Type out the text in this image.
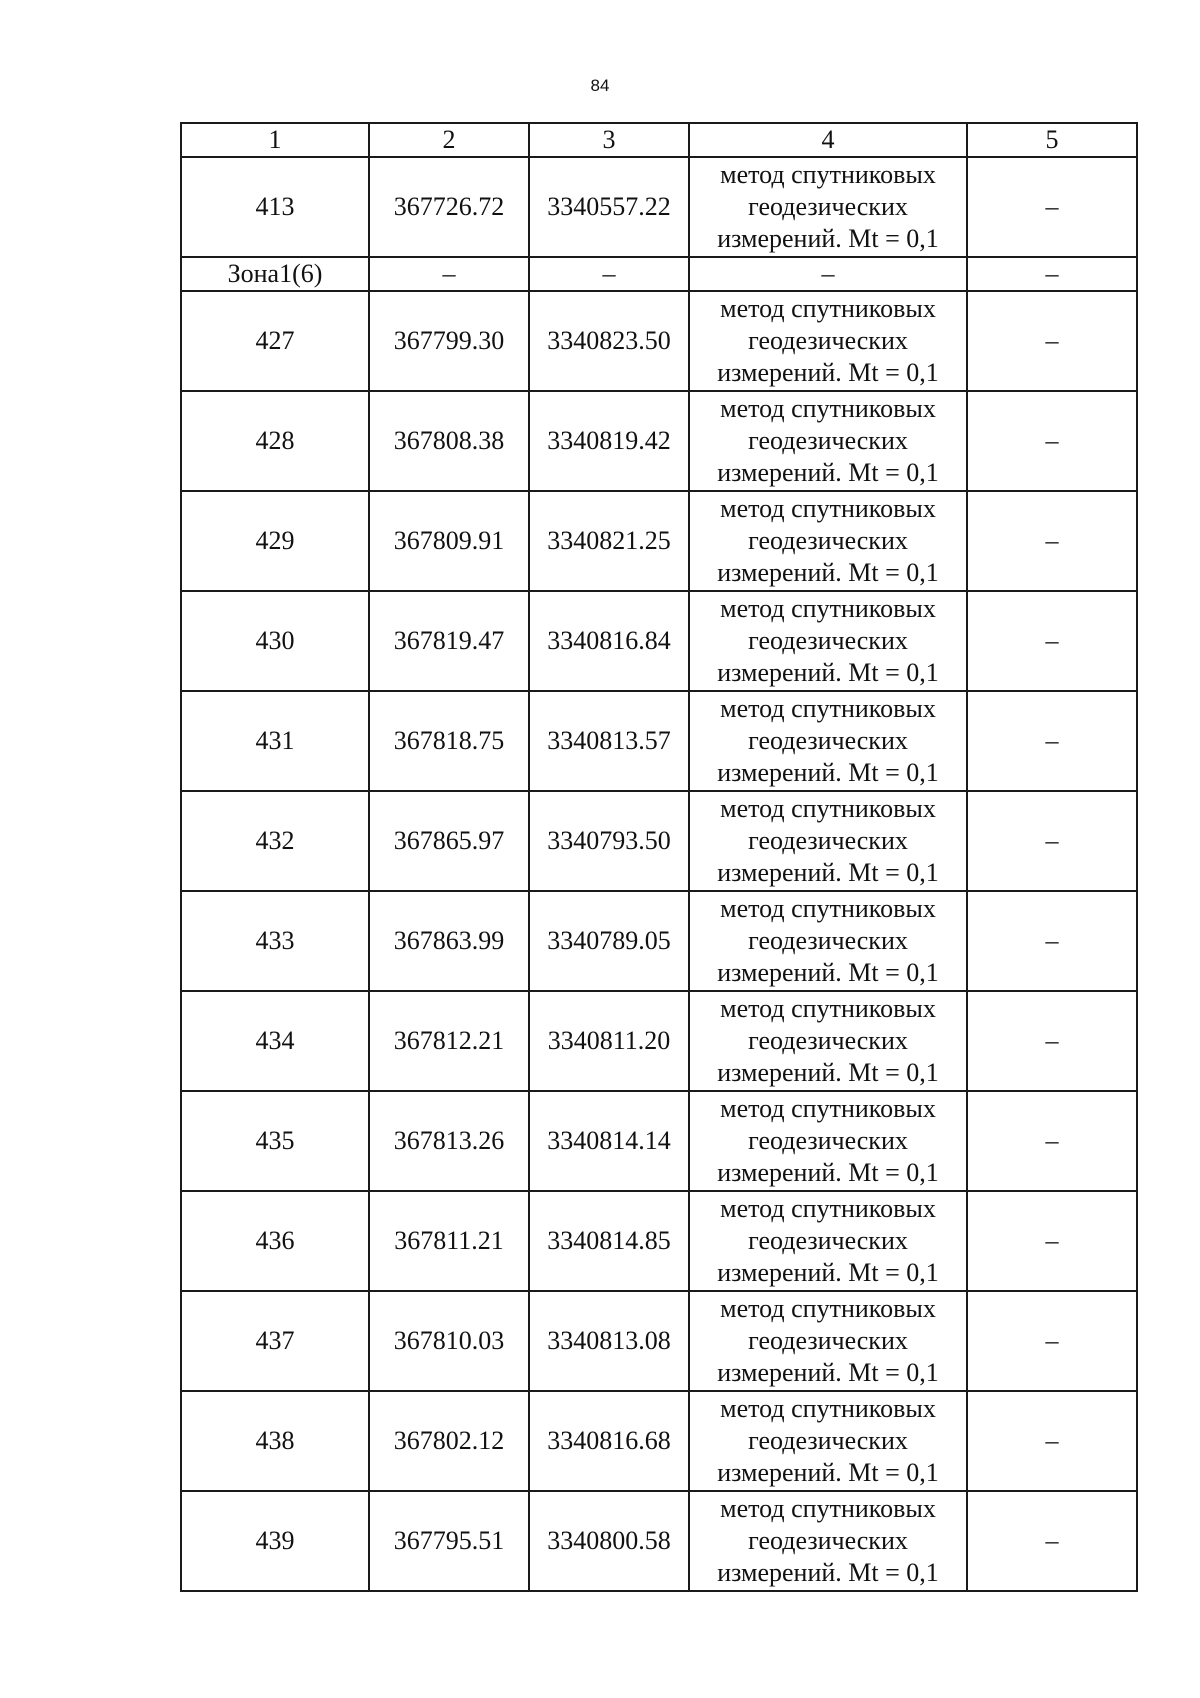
84
1	2	3	4	5
413	367726.72	3340557.22	метод спутниковых
геодезических
измерений. Mt = 0,1	–
Зона1(6)	–	–	–	–
427	367799.30	3340823.50	метод спутниковых
геодезических
измерений. Mt = 0,1	–
428	367808.38	3340819.42	метод спутниковых
геодезических
измерений. Mt = 0,1	–
429	367809.91	3340821.25	метод спутниковых
геодезических
измерений. Mt = 0,1	–
430	367819.47	3340816.84	метод спутниковых
геодезических
измерений. Mt = 0,1	–
431	367818.75	3340813.57	метод спутниковых
геодезических
измерений. Mt = 0,1	–
432	367865.97	3340793.50	метод спутниковых
геодезических
измерений. Mt = 0,1	–
433	367863.99	3340789.05	метод спутниковых
геодезических
измерений. Mt = 0,1	–
434	367812.21	3340811.20	метод спутниковых
геодезических
измерений. Mt = 0,1	–
435	367813.26	3340814.14	метод спутниковых
геодезических
измерений. Mt = 0,1	–
436	367811.21	3340814.85	метод спутниковых
геодезических
измерений. Mt = 0,1	–
437	367810.03	3340813.08	метод спутниковых
геодезических
измерений. Mt = 0,1	–
438	367802.12	3340816.68	метод спутниковых
геодезических
измерений. Mt = 0,1	–
439	367795.51	3340800.58	метод спутниковых
геодезических
измерений. Mt = 0,1	–
